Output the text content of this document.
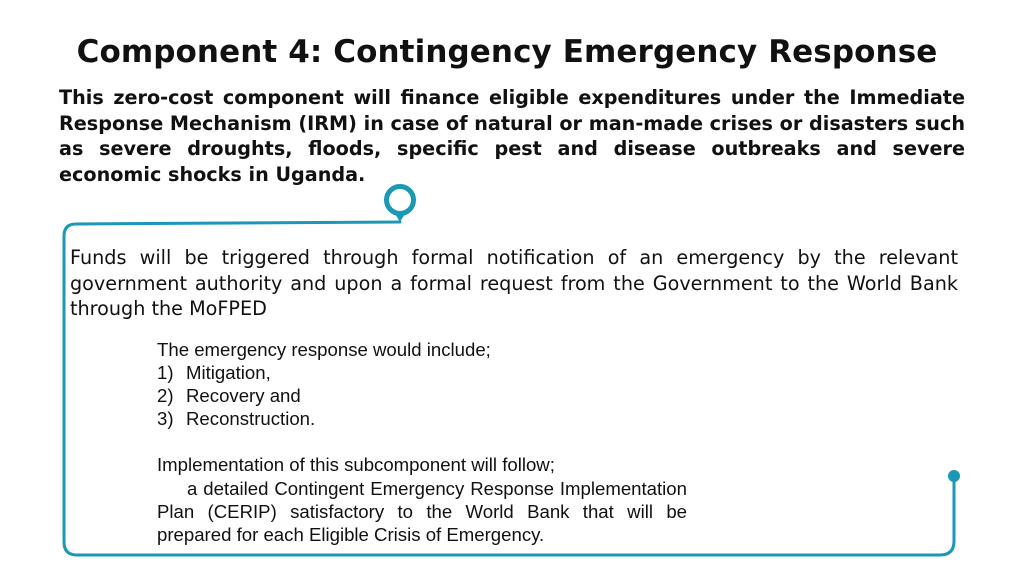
Component 4: Contingency Emergency Response
This zero-cost component will finance eligible expenditures under the Immediate Response Mechanism (IRM) in case of natural or man-made crises or disasters such as severe droughts, floods, specific pest and disease outbreaks and severe economic shocks in Uganda.
Funds will be triggered through formal notification of an emergency by the relevant government authority and upon a formal request from the Government to the World Bank through the MoFPED

The emergency response would include;

1) Mitigation,
2) Recovery and
3) Reconstruction.

Implementation of this subcomponent will follow;

a detailed Contingent Emergency Response Implementation Plan (CERIP) satisfactory to the World Bank that will be prepared for each Eligible Crisis of Emergency.
